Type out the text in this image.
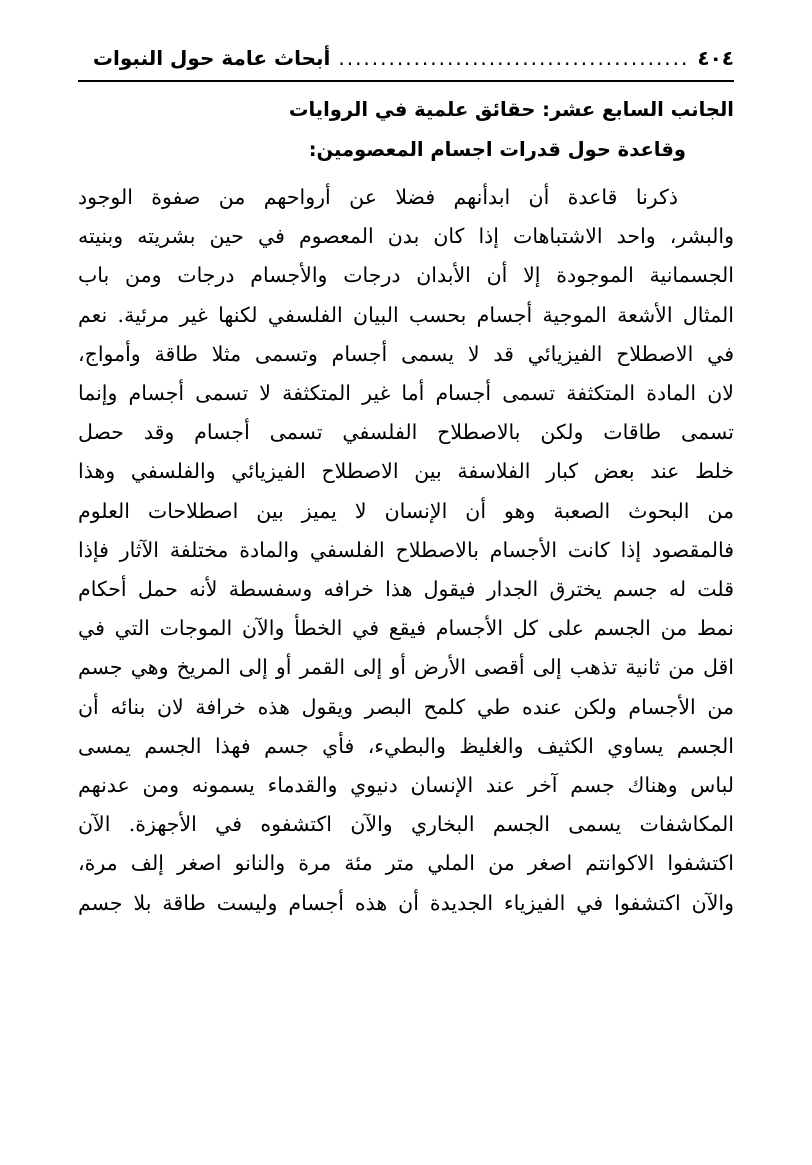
٤٠٤
..........................................
أبحاث عامة حول النبوات
الجانب السابع عشر: حقائق علمية في الروايات
وقاعدة حول قدرات اجسام المعصومين:
ذكرنا قاعدة أن ابدأنهم فضلا عن أرواحهم من صفوة الوجود
والبشر، واحد الاشتباهات إذا كان بدن المعصوم في حين بشريته وبنيته
الجسمانية الموجودة إلا أن الأبدان درجات والأجسام درجات ومن باب
المثال الأشعة الموجية أجسام بحسب البيان الفلسفي لكنها غير مرئية. نعم
في الاصطلاح الفيزيائي قد لا يسمى أجسام وتسمى مثلا طاقة وأمواج،
لان المادة المتكثفة تسمى أجسام أما غير المتكثفة لا تسمى أجسام وإنما
تسمى طاقات ولكن بالاصطلاح الفلسفي تسمى أجسام وقد حصل
خلط عند بعض كبار الفلاسفة بين الاصطلاح الفيزيائي والفلسفي وهذا
من البحوث الصعبة وهو أن الإنسان لا يميز بين اصطلاحات العلوم
فالمقصود إذا كانت الأجسام بالاصطلاح الفلسفي والمادة مختلفة الآثار فإذا
قلت له جسم يخترق الجدار فيقول هذا خرافه وسفسطة لأنه حمل أحكام
نمط من الجسم على كل الأجسام فيقع في الخطأ والآن الموجات التي في
اقل من ثانية تذهب إلى أقصى الأرض أو إلى القمر أو إلى المريخ وهي جسم
من الأجسام ولكن عنده طي كلمح البصر ويقول هذه خرافة لان بنائه أن
الجسم يساوي الكثيف والغليظ والبطيء، فأي جسم فهذا الجسم يمسى
لباس وهناك جسم آخر عند الإنسان دنيوي والقدماء يسمونه ومن عدنهم
المكاشفات يسمى الجسم البخاري والآن اكتشفوه في الأجهزة. الآن
اكتشفوا الاكوانتم اصغر من الملي متر مئة مرة والنانو اصغر إلف مرة،
والآن اكتشفوا في الفيزياء الجديدة أن هذه أجسام وليست طاقة بلا جسم
